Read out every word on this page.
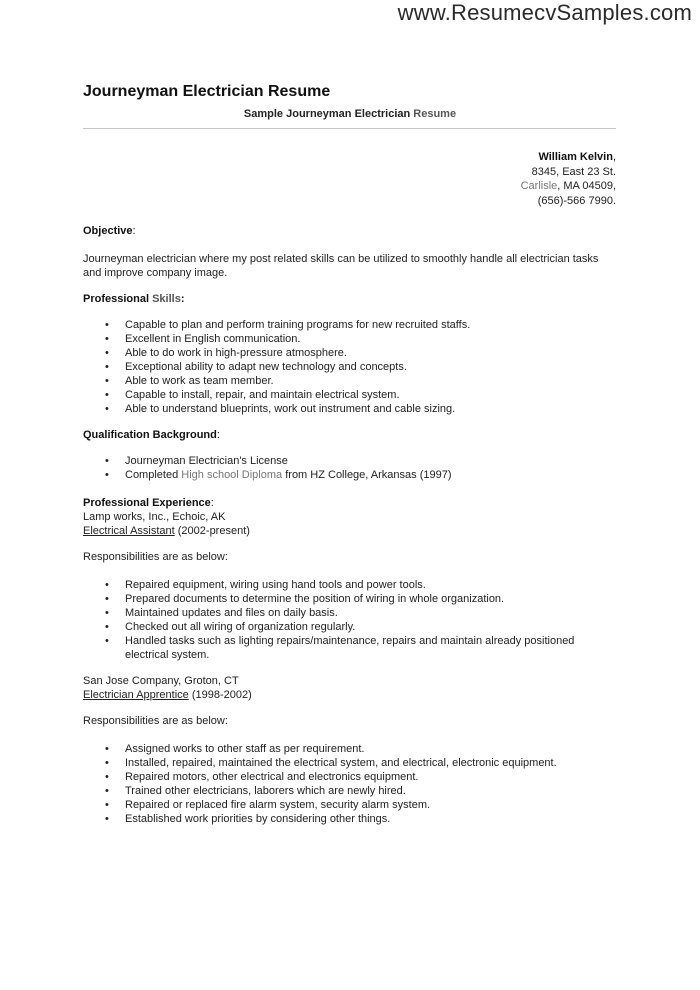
www.ResumecvSamples.com
Journeyman Electrician Resume
Sample Journeyman Electrician Resume
William Kelvin,
8345, East 23 St.
Carlisle, MA 04509,
(656)-566 7990.
Objective:

Journeyman electrician where my post related skills can be utilized to smoothly handle all electrician tasks and improve company image.

Professional Skills:
• Capable to plan and perform training programs for new recruited staffs.
• Excellent in English communication.
• Able to do work in high-pressure atmosphere.
• Exceptional ability to adapt new technology and concepts.
• Able to work as team member.
• Capable to install, repair, and maintain electrical system.
• Able to understand blueprints, work out instrument and cable sizing.
Qualification Background:
• Journeyman Electrician's License
• Completed High school Diploma from HZ College, Arkansas (1997)
Professional Experience:

Lamp works, Inc., Echoic, AK

Electrical Assistant (2002-present)

Responsibilities are as below:

• Repaired equipment, wiring using hand tools and power tools.
• Prepared documents to determine the position of wiring in whole organization.
• Maintained updates and files on daily basis.
• Checked out all wiring of organization regularly.
• Handled tasks such as lighting repairs/maintenance, repairs and maintain already positioned electrical system.

San Jose Company, Groton, CT

Electrician Apprentice (1998-2002)

Responsibilities are as below:

• Assigned works to other staff as per requirement.
• Installed, repaired, maintained the electrical system, and electrical, electronic equipment.
• Repaired motors, other electrical and electronics equipment.
• Trained other electricians, laborers which are newly hired.
• Repaired or replaced fire alarm system, security alarm system.
• Established work priorities by considering other things.
